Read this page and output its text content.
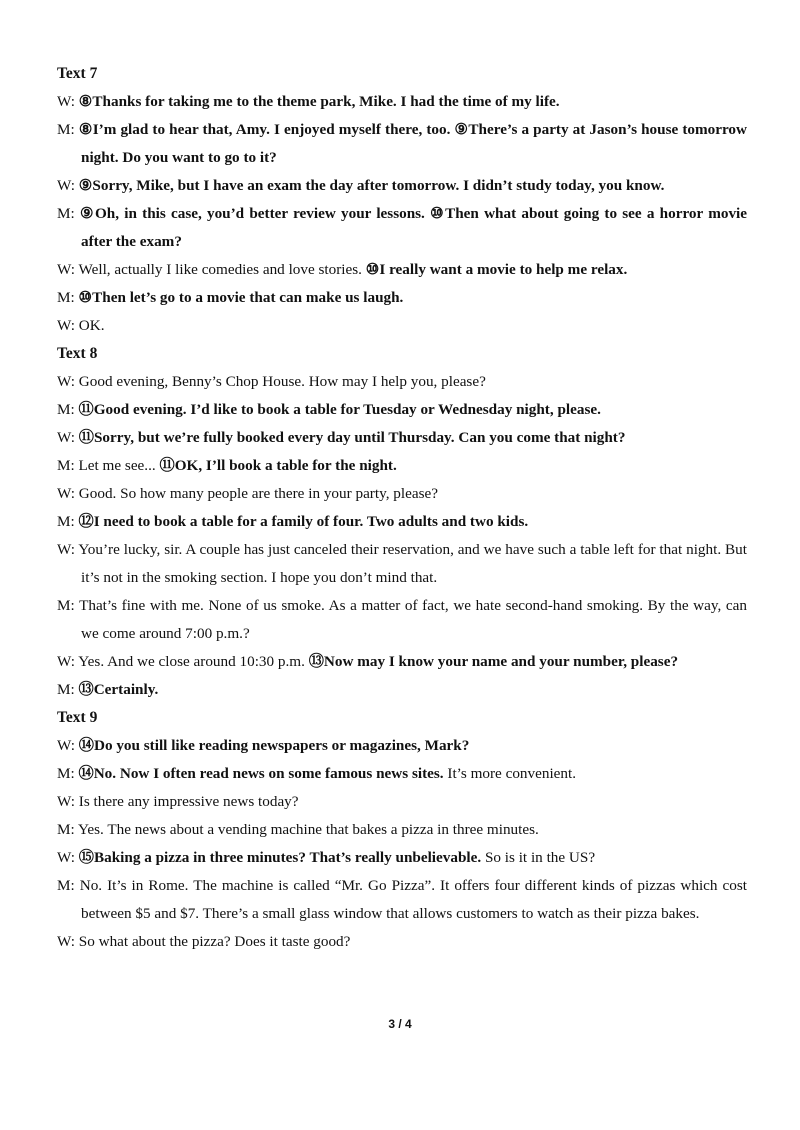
Text 7
W: ⑧Thanks for taking me to the theme park, Mike. I had the time of my life.
M: ⑧I’m glad to hear that, Amy. I enjoyed myself there, too. ⑨There’s a party at Jason’s house tomorrow night. Do you want to go to it?
W: ⑨Sorry, Mike, but I have an exam the day after tomorrow. I didn’t study today, you know.
M: ⑨Oh, in this case, you’d better review your lessons. ⑩Then what about going to see a horror movie after the exam?
W: Well, actually I like comedies and love stories. ⑩I really want a movie to help me relax.
M: ⑩Then let’s go to a movie that can make us laugh.
W: OK.
Text 8
W: Good evening, Benny’s Chop House. How may I help you, please?
M: ⑪Good evening. I’d like to book a table for Tuesday or Wednesday night, please.
W: ⑪Sorry, but we’re fully booked every day until Thursday. Can you come that night?
M: Let me see... ⑪OK, I’ll book a table for the night.
W: Good. So how many people are there in your party, please?
M: ⑫I need to book a table for a family of four. Two adults and two kids.
W: You’re lucky, sir. A couple has just canceled their reservation, and we have such a table left for that night. But it’s not in the smoking section. I hope you don’t mind that.
M: That’s fine with me. None of us smoke. As a matter of fact, we hate second-hand smoking. By the way, can we come around 7:00 p.m.?
W: Yes. And we close around 10:30 p.m. ⑬Now may I know your name and your number, please?
M: ⑬Certainly.
Text 9
W: ⑭Do you still like reading newspapers or magazines, Mark?
M: ⑭No. Now I often read news on some famous news sites. It’s more convenient.
W: Is there any impressive news today?
M: Yes. The news about a vending machine that bakes a pizza in three minutes.
W: ⑮Baking a pizza in three minutes? That’s really unbelievable. So is it in the US?
M: No. It’s in Rome. The machine is called “Mr. Go Pizza”. It offers four different kinds of pizzas which cost between $5 and $7. There’s a small glass window that allows customers to watch as their pizza bakes.
W: So what about the pizza? Does it taste good?
3 / 4
